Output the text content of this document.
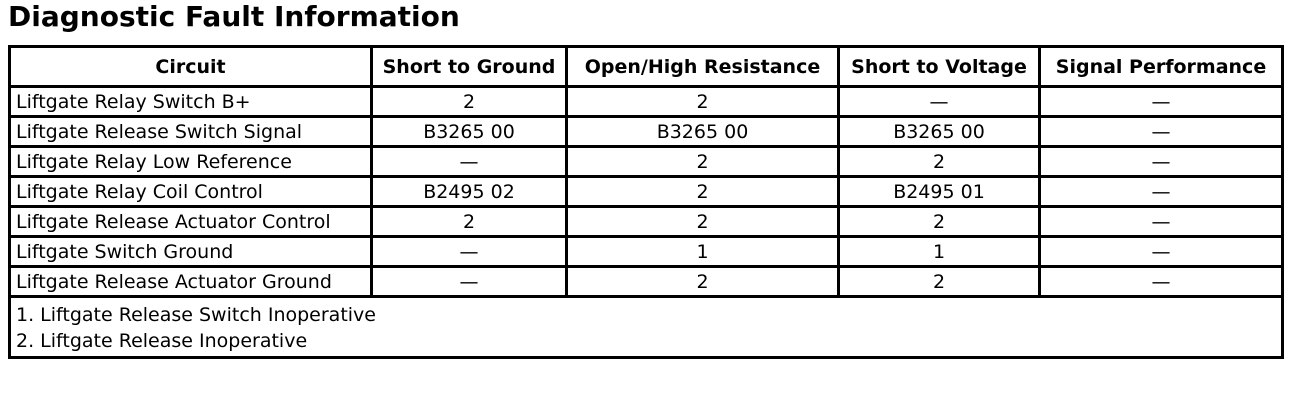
Diagnostic Fault Information
Circuit	Short to Ground	Open/High Resistance	Short to Voltage	Signal Performance
Liftgate Relay Switch B+	2	2	—	—
Liftgate Release Switch Signal	B3265 00	B3265 00	B3265 00	—
Liftgate Relay Low Reference	—	2	2	—
Liftgate Relay Coil Control	B2495 02	2	B2495 01	—
Liftgate Release Actuator Control	2	2	2	—
Liftgate Switch Ground	—	1	1	—
Liftgate Release Actuator Ground	—	2	2	—

1. Liftgate Release Switch Inoperative
2. Liftgate Release Inoperative				
